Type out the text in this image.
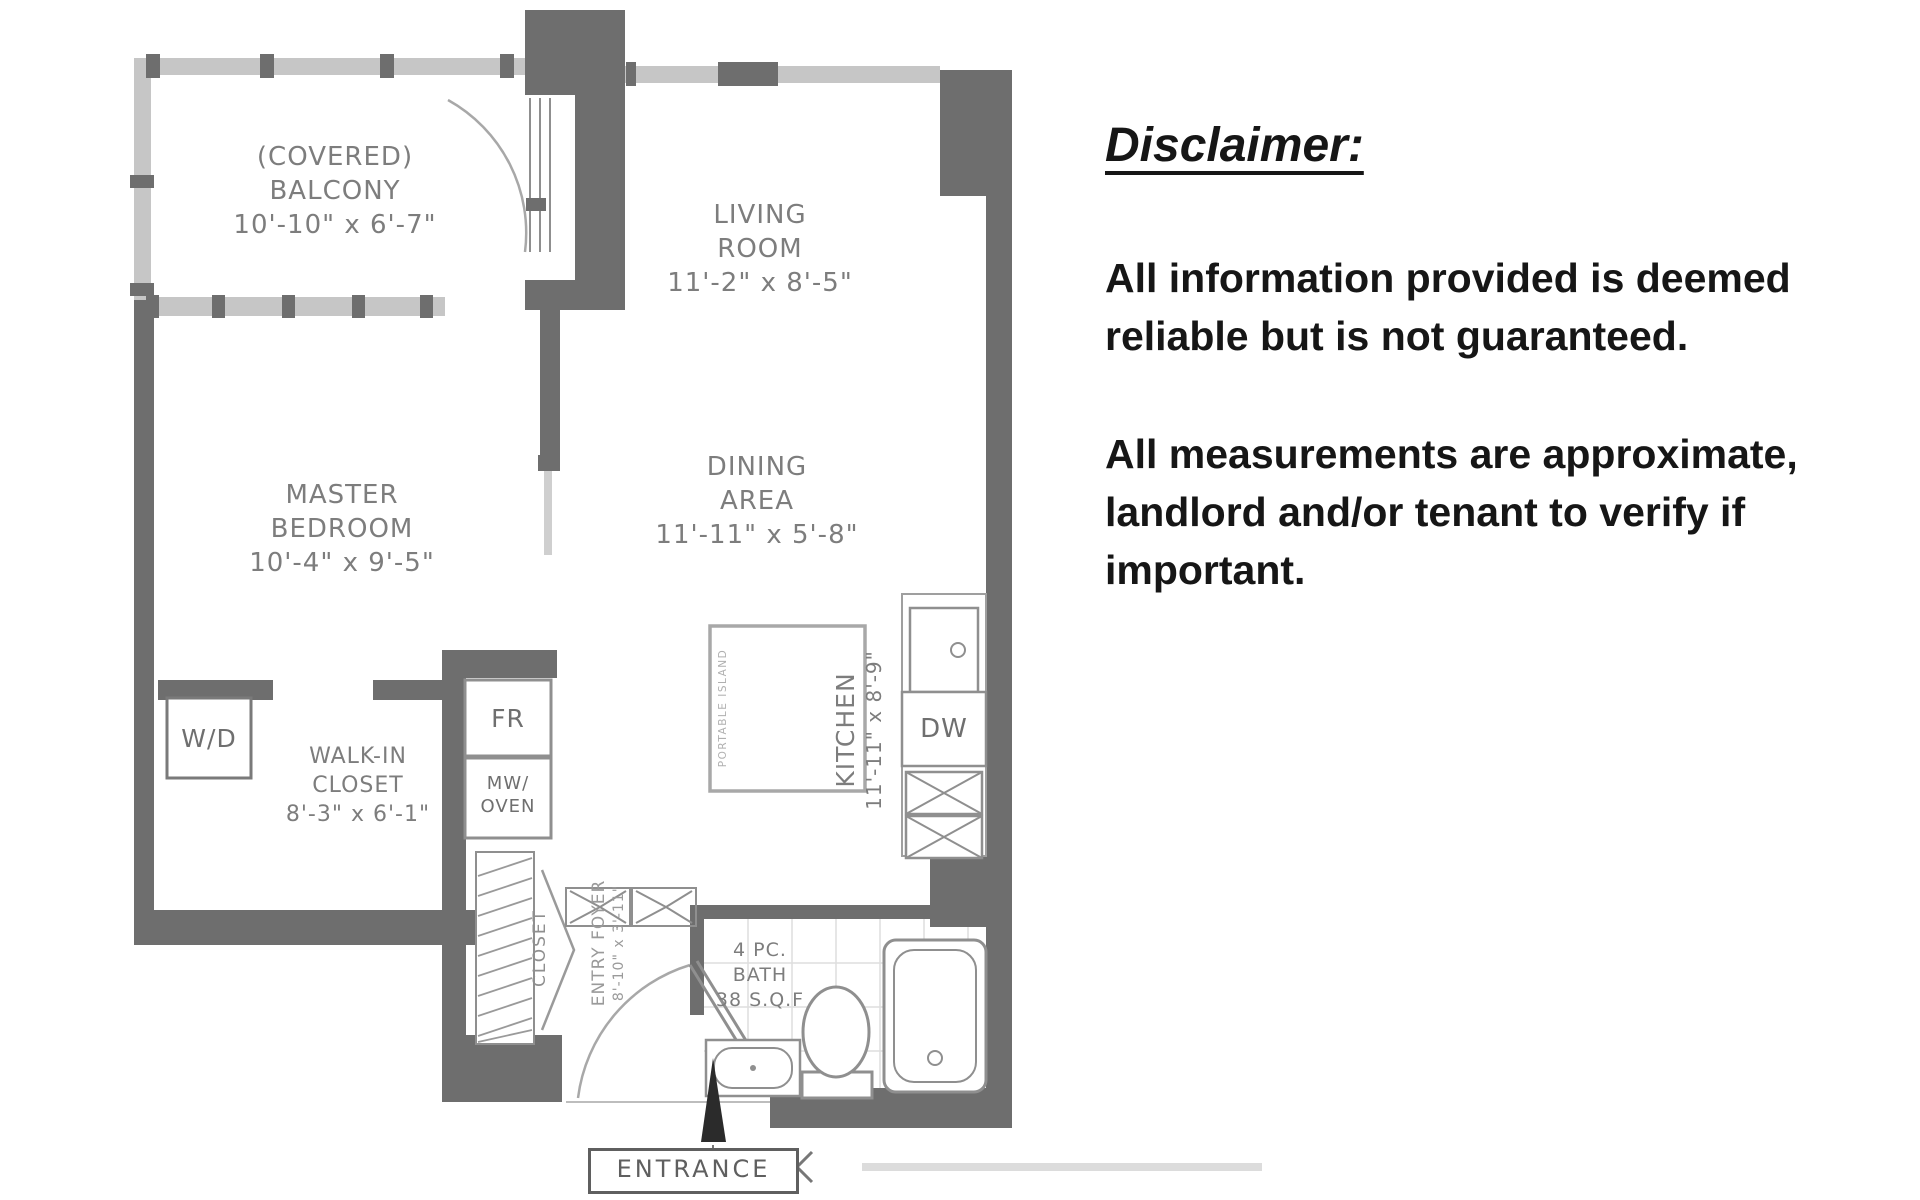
(COVERED)
BALCONY
10'-10" x 6'-7"	LIVING
ROOM
11'-2" x 8'-5"
MASTER
BEDROOM
10'-4" x 9'-5"
DINING
AREA
11'-11" x 5'-8"
WALK-IN
CLOSET
8'-3" x 6'-1"
W/D
FR
MW/
OVEN
DW
KITCHEN 11'-11" x 8'-9"
CLOSET ENTRY FOYER 8'-10" x 3'-11"
PORTABLE ISLAND
4 PC.
BATH
38 S.Q.F
ENTRANCE
Disclaimer:

All information provided is deemed reliable but is not guaranteed.

All measurements are approximate, landlord and/or tenant to verify if important.
